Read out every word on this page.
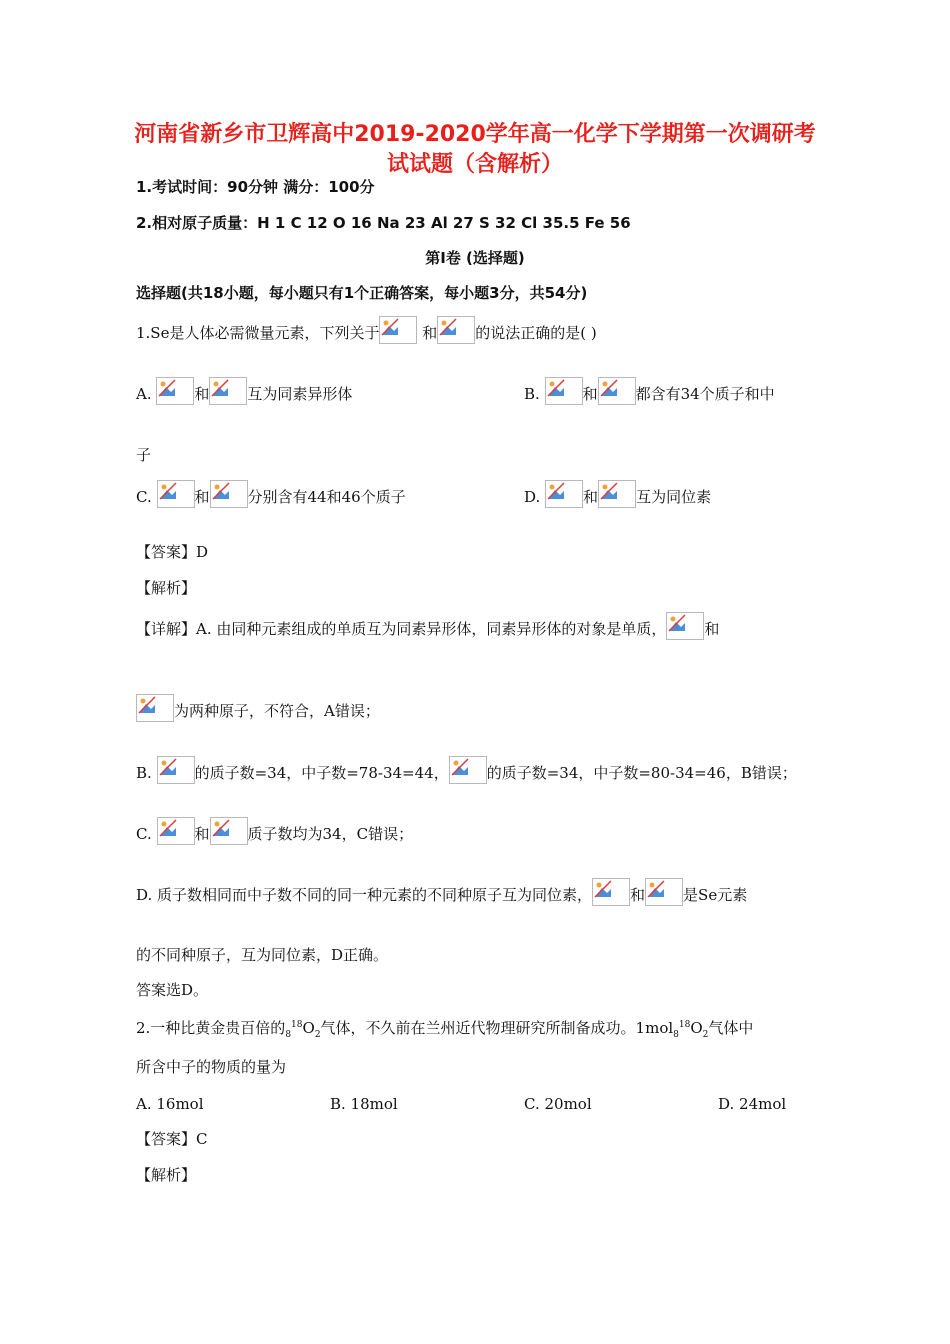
河南省新乡市卫辉高中2019-2020学年高一化学下学期第一次调研考
试试题（含解析）
1.考试时间：90分钟 满分：100分
2.相对原子质量：H 1 C 12 O 16 Na 23 Al 27 S 32 Cl 35.5 Fe 56
第Ⅰ卷 (选择题)
选择题(共18小题，每小题只有1个正确答案，每小题3分，共54分)
1.Se是人体必需微量元素，下列关于	和	的说法正确的是( )
A.	和	互为同素异形体	B.	和	都含有34个质子和中
子
C.	和	分别含有44和46个质子	D.	和	互为同位素
【答案】D
【解析】
【详解】A. 由同种元素组成的单质互为同素异形体，同素异形体的对象是单质，	和
为两种原子，不符合，A错误；
B.	的质子数=34，中子数=78-34=44，	的质子数=34，中子数=80-34=46，B错误；
C.	和	质子数均为34，C错误；
D. 质子数相同而中子数不同的同一种元素的不同种原子互为同位素，	和	是Se元素
的不同种原子，互为同位素，D正确。
答案选D。
2.一种比黄金贵百倍的$_8^{18}O_2$气体，不久前在兰州近代物理研究所制备成功。$1mol_8^{18}O_2$气体中
所含中子的物质的量为
A. 16mol	B. 18mol	C. 20mol	D. 24mol
【答案】C
【解析】
